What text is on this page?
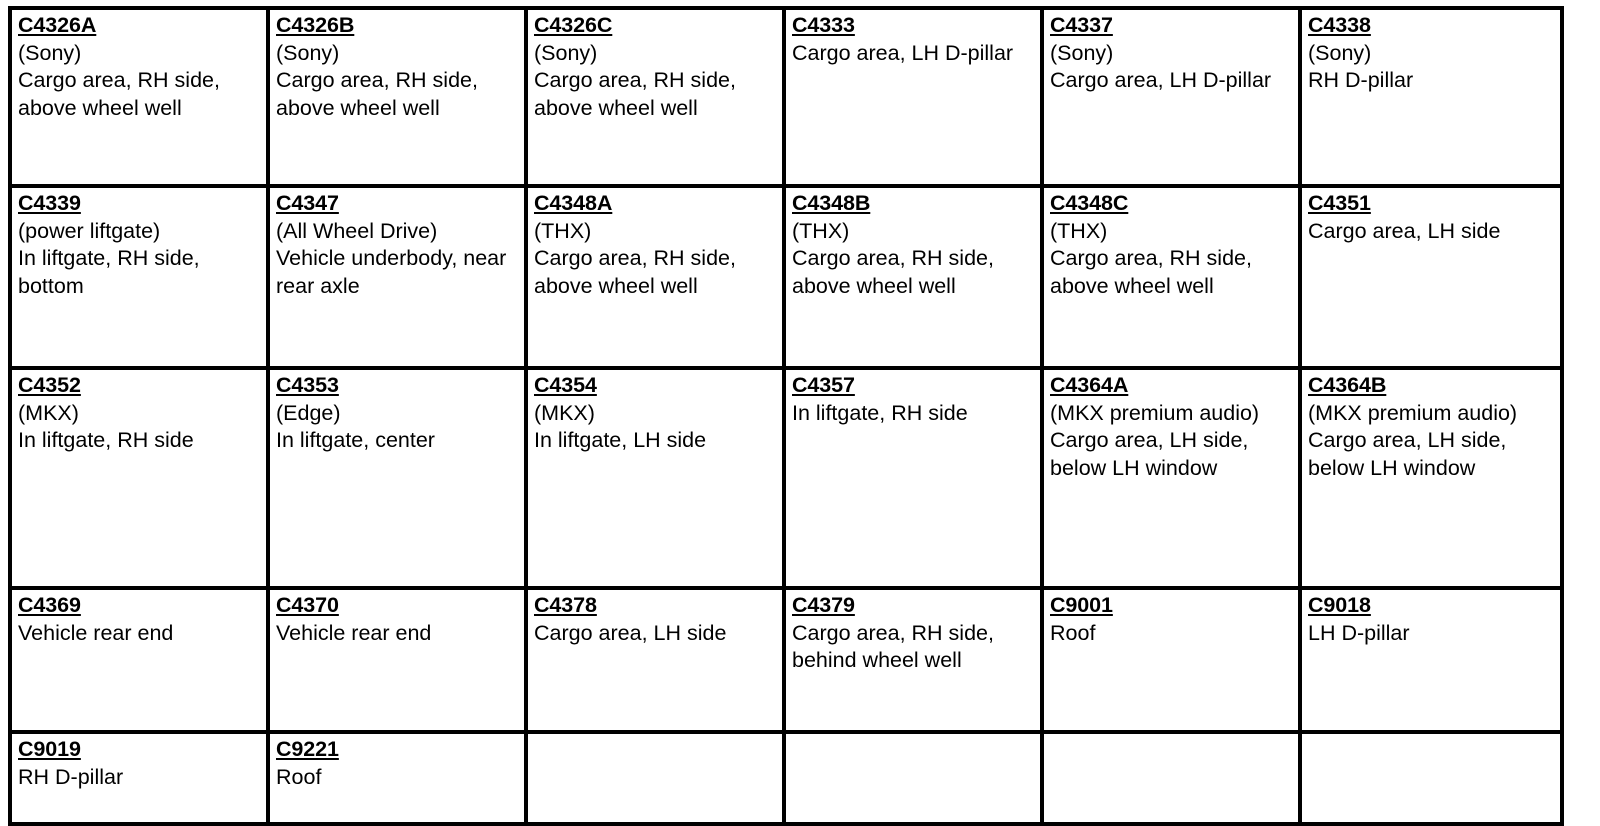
C4326A
(Sony)
Cargo area, RH side, above wheel well	C4326B
(Sony)
Cargo area, RH side, above wheel well	C4326C
(Sony)
Cargo area, RH side, above wheel well	C4333
Cargo area, LH D-pillar	C4337
(Sony)
Cargo area, LH D-pillar	C4338
(Sony)
RH D-pillar

C4339
(power liftgate)
In liftgate, RH side, bottom	C4347
(All Wheel Drive)
Vehicle underbody, near rear axle	C4348A
(THX)
Cargo area, RH side, above wheel well	C4348B
(THX)
Cargo area, RH side, above wheel well	C4348C
(THX)
Cargo area, RH side, above wheel well	C4351
Cargo area, LH side

C4352
(MKX)
In liftgate, RH side	C4353
(Edge)
In liftgate, center	C4354
(MKX)
In liftgate, LH side	C4357
In liftgate, RH side	C4364A
(MKX premium audio)
Cargo area, LH side, below LH window	C4364B
(MKX premium audio)
Cargo area, LH side, below LH window

C4369
Vehicle rear end	C4370
Vehicle rear end	C4378
Cargo area, LH side	C4379
Cargo area, RH side, behind wheel well	C9001
Roof	C9018
LH D-pillar

C9019
RH D-pillar	C9221
Roof				
